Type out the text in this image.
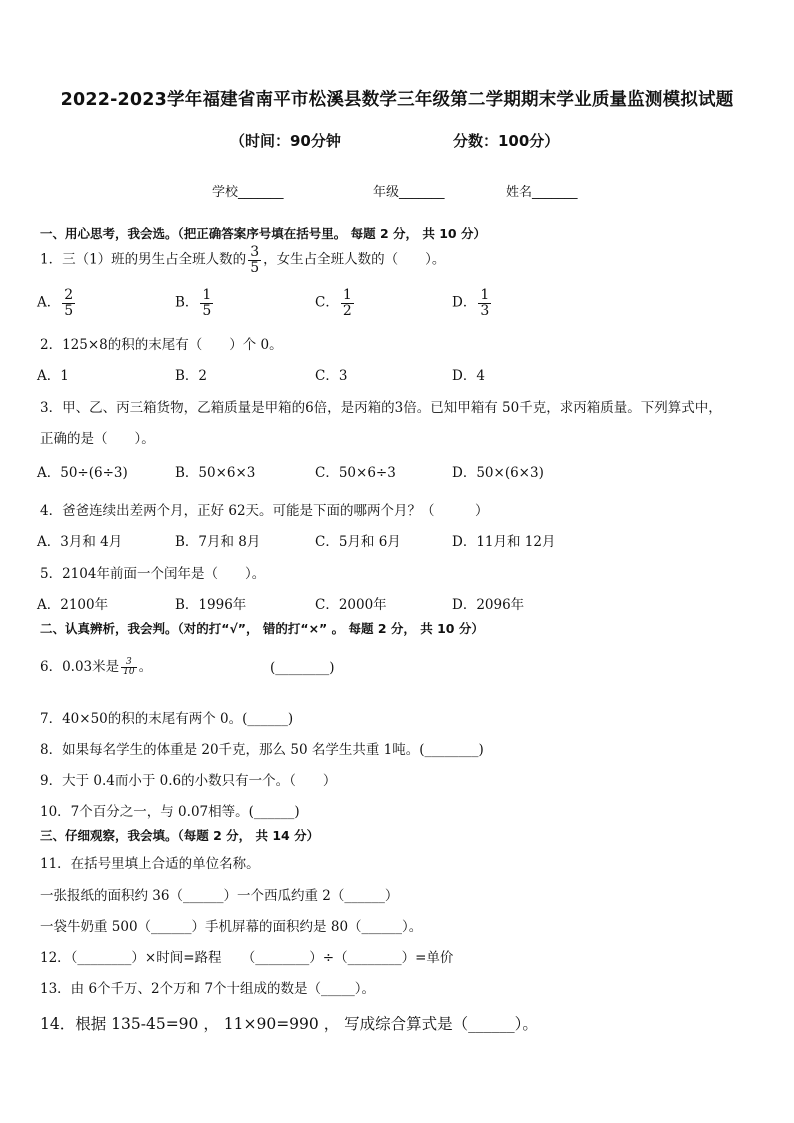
2022-2023学年福建省南平市松溪县数学三年级第二学期期末学业质量监测模拟试题
（时间：90分钟	分数：100分）
学校_______	年级_______	姓名_______
一、用心思考，我会选。（把正确答案序号填在括号里。 每题 2 分， 共 10 分）
1．三（1）班的男生占全班人数的 $\frac{3}{5}$ ，女生占全班人数的（　　）。
A． $\frac{2}{5}$	B． $\frac{1}{5}$	C． $\frac{1}{2}$	D． $\frac{1}{3}$
2．125×8的积的末尾有（　　）个 0。
A．1	B．2	C．3	D．4
3．甲、乙、丙三箱货物，乙箱质量是甲箱的6倍，是丙箱的3倍。已知甲箱有 50千克，求丙箱质量。下列算式中，
正确的是（　　）。
A．50÷(6÷3)	B．50×6×3	C．50×6÷3	D．50×(6×3)
4．爸爸连续出差两个月，正好 62天。可能是下面的哪两个月？（　　　）
A．3月和 4月	B．7月和 8月	C．5月和 6月	D．11月和 12月
5．2104年前面一个闰年是（　　）。
A．2100年	B．1996年	C．2000年	D．2096年
二、认真辨析，我会判。（对的打“√”， 错的打“×” 。 每题 2 分， 共 10 分）
6．0.03米是 $\frac{3}{10}$ 。	(________)
7．40×50的积的末尾有两个 0。(______)
8．如果每名学生的体重是 20千克，那么 50 名学生共重 1吨。(________)
9．大于 0.4而小于 0.6的小数只有一个。（　　）
10．7个百分之一，与 0.07相等。(______)
三、仔细观察，我会填。（每题 2 分， 共 14 分）
11．在括号里填上合适的单位名称。
一张报纸的面积约 36（______）一个西瓜约重 2（______）
一袋牛奶重 500（______）手机屏幕的面积约是 80（______）。
12．（________）×时间=路程　　（________）÷（________）=单价
13．由 6个千万、2个万和 7个十组成的数是（_____）。
14．根据 135-45=90 ， 11×90=990 ， 写成综合算式是（______）。
